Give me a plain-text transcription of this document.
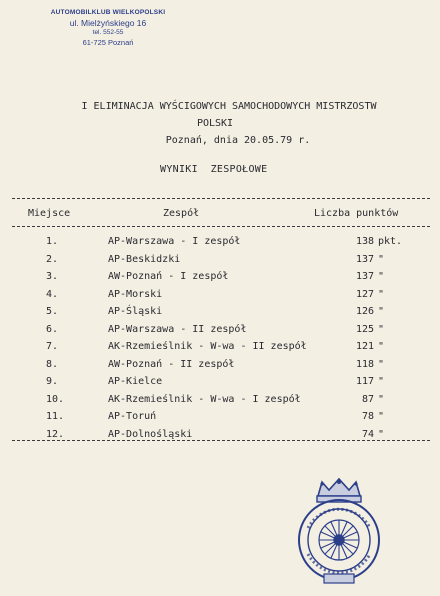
AUTOMOBILKLUB WIELKOPOLSKI
ul. Mielżyńskiego 16
tel. 552-55
61-725 Poznań
I ELIMINACJA WYŚCIGOWYCH SAMOCHODOWYCH MISTRZOSTW
POLSKI
Poznań, dnia 20.05.79 r.
WYNIKI  ZESPOŁOWE
Miejsce	Zespół	Liczba punktów
1.	AP-Warszawa - I zespół	138 pkt.
2.	AP-Beskidzki	137 "
3.	AW-Poznań - I zespół	137 "
4.	AP-Morski	127 "
5.	AP-Śląski	126 "
6.	AP-Warszawa - II zespół	125 "
7.	AK-Rzemieślnik - W-wa - II zespół	121 "
8.	AW-Poznań - II zespół	118 "
9.	AP-Kielce	117 "
10.	AK-Rzemieślnik - W-wa - I zespół	87 "
11.	AP-Toruń	78 "
12.	AP-Dolnośląski	74 "
